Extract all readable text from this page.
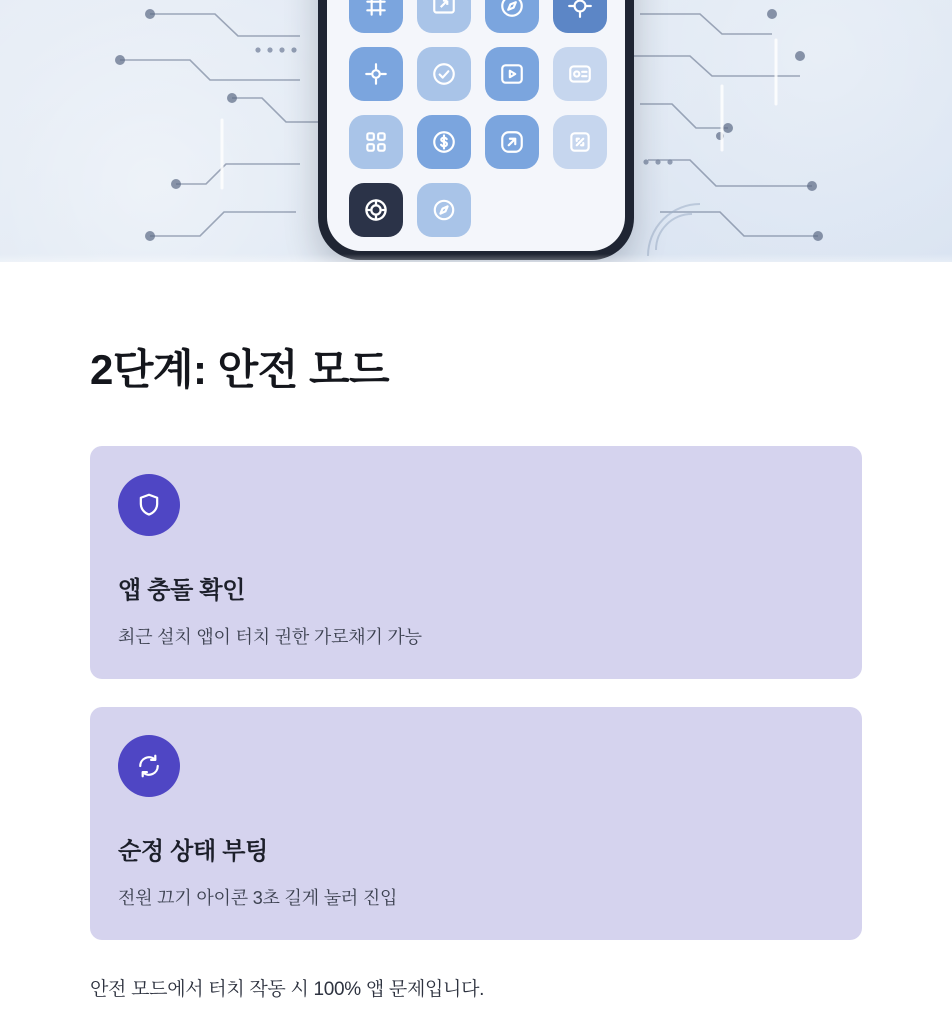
2단계: 안전 모드
앱 충돌 확인

최근 설치 앱이 터치 권한 가로채기 가능

순정 상태 부팅

전원 끄기 아이콘 3초 길게 눌러 진입

안전 모드에서 터치 작동 시 100% 앱 문제입니다.
